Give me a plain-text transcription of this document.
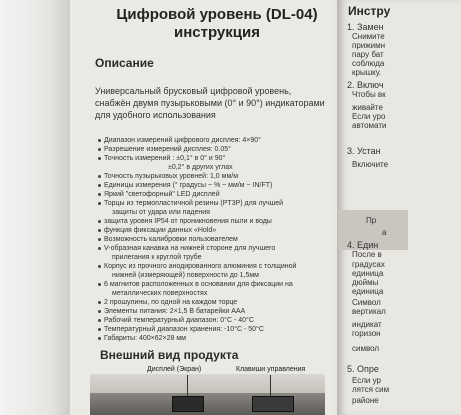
Цифровой уровень (DL-04)
инструкция
Описание
Универсальный брусковый цифровой уровень,
снабжён двумя пузырьковыми (0° и 90°) индикаторами
для удобного использования
Диапазон измерений цифрового дисплея: 4×90°
Разрешение измерений дисплея: 0.05°
Точность измерений : ±0,1° в 0° и 90°
±0,2° в других углах
Точность пузырьковых уровней: 1,0 мм/м
Единицы измерения (° градусы ~ % ~ мм/м ~ IN/FT)
Яркий "светофорный" LED дисплей
Торцы из термопластичной резины (PT3P) для лучшей
защиты от удара или падения
защита уровня IP54 от проникновения пыли и воды
функция фиксации данных «Hold»
Возможность калибровки пользователем
V-образная канавка на нижней стороне для лучшего
прилегания к круглой трубе
Корпус из прочного анодированного алюминия с толщиной
нижней (измеряющей) поверхности до 1,5мм
6 магнитов расположенных в основании для фиксации на
металлических поверхностях
2 прошулины, по одной на каждом торце
Элементы питания: 2×1,5 В батарейки AAA
Рабочий температурный диапазон: 0°С - 40°С
Температурный диапазон хранения: -10°С - 50°С
Габариты: 400×62×28 мм
Внешний вид продукта
Дисплей (Экран)	Клавиши управления
Инстру
1. Замен
Снимите
прижимн
пару бат
соблюда
крышку.
2. Включ
Чтобы вк
живайте
Если уро
автомати
3. Устан
Включите
Пр
а
4. Един
После в
градусах
единица
дюймы
единица
Символ
вертикал
индикат
горизон
символ
5. Опре
Если ур
лятся сим
районе
